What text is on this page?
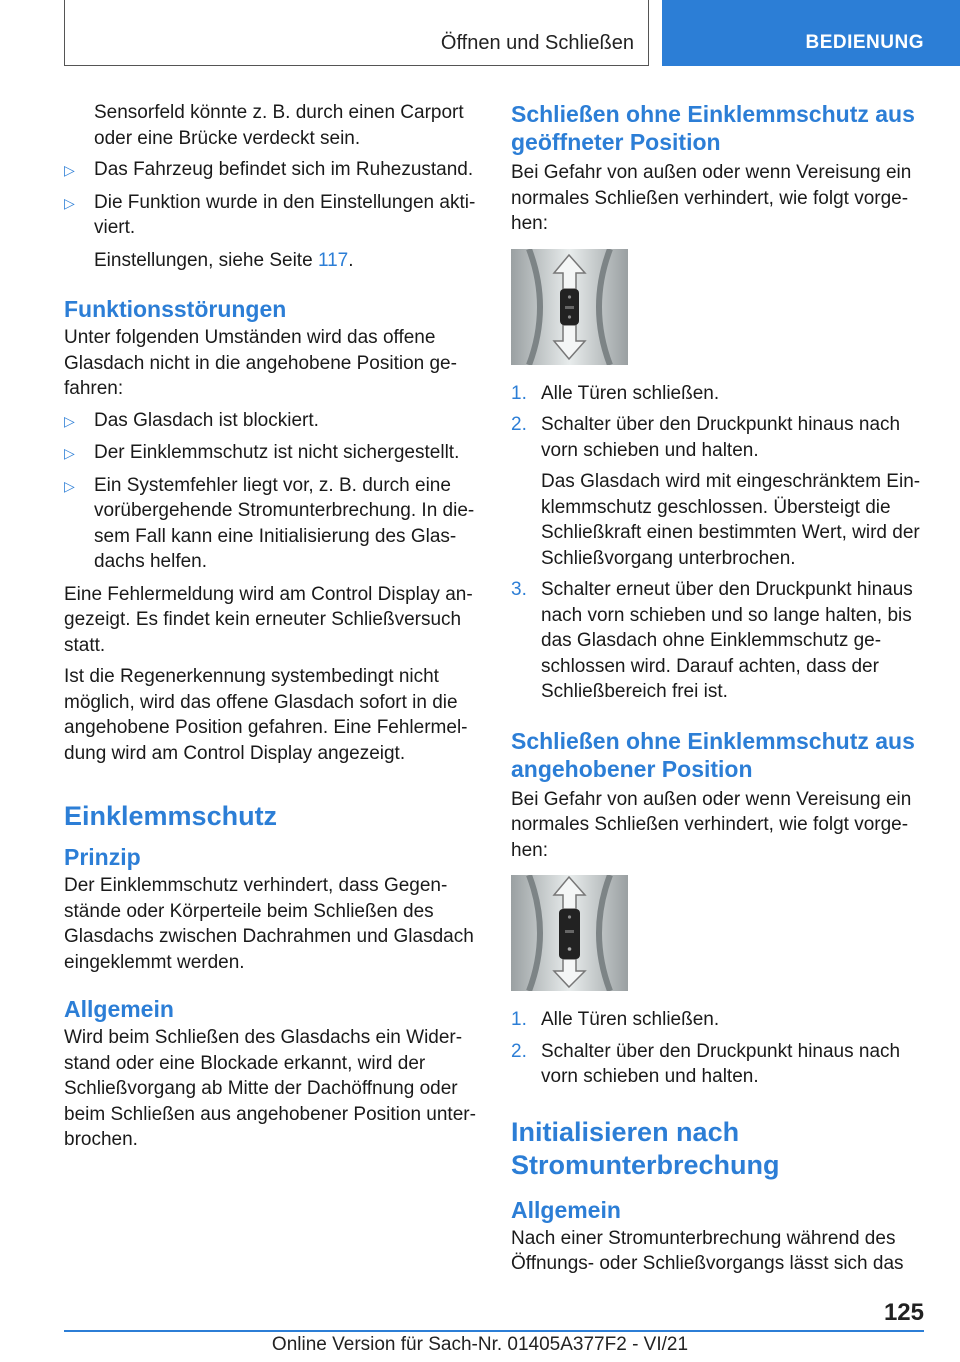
Öffnen und Schließen	BEDIENUNG

Sensorfeld könnte z. B. durch einen Carport oder eine Brücke verdeckt sein.

▷ Das Fahrzeug befindet sich im Ruhezustand.
▷ Die Funktion wurde in den Einstellungen aktiviert.

Einstellungen, siehe Seite 117.

Funktionsstörungen

Unter folgenden Umständen wird das offene Glasdach nicht in die angehobene Position gefahren:

▷ Das Glasdach ist blockiert.
▷ Der Einklemmschutz ist nicht sichergestellt.
▷ Ein Systemfehler liegt vor, z. B. durch eine vorübergehende Stromunterbrechung. In diesem Fall kann eine Initialisierung des Glasdachs helfen.

Eine Fehlermeldung wird am Control Display angezeigt. Es findet kein erneuter Schließversuch statt.

Ist die Regenerkennung systembedingt nicht möglich, wird das offene Glasdach sofort in die angehobene Position gefahren. Eine Fehlermeldung wird am Control Display angezeigt.

Einklemmschutz
Prinzip

Der Einklemmschutz verhindert, dass Gegenstände oder Körperteile beim Schließen des Glasdachs zwischen Dachrahmen und Glasdach eingeklemmt werden.

Allgemein

Wird beim Schließen des Glasdachs ein Widerstand oder eine Blockade erkannt, wird der Schließvorgang ab Mitte der Dachöffnung oder beim Schließen aus angehobener Position unterbrochen.

Schließen ohne Einklemmschutz aus geöffneter Position

Bei Gefahr von außen oder wenn Vereisung ein normales Schließen verhindert, wie folgt vorgehen:

1. Alle Türen schließen.
2. Schalter über den Druckpunkt hinaus nach vorn schieben und halten.

Das Glasdach wird mit eingeschränktem Einklemmschutz geschlossen. Übersteigt die Schließkraft einen bestimmten Wert, wird der Schließvorgang unterbrochen.

3. Schalter erneut über den Druckpunkt hinaus nach vorn schieben und so lange halten, bis das Glasdach ohne Einklemmschutz geschlossen wird. Darauf achten, dass der Schließbereich frei ist.
Schließen ohne Einklemmschutz aus angehobener Position

Bei Gefahr von außen oder wenn Vereisung ein normales Schließen verhindert, wie folgt vorgehen:

1. Alle Türen schließen.
2. Schalter über den Druckpunkt hinaus nach vorn schieben und halten.
Initialisieren nach Stromunterbrechung
Allgemein

Nach einer Stromunterbrechung während des Öffnungs- oder Schließvorgangs lässt sich das

125
Online Version für Sach-Nr. 01405A377F2 - VI/21
